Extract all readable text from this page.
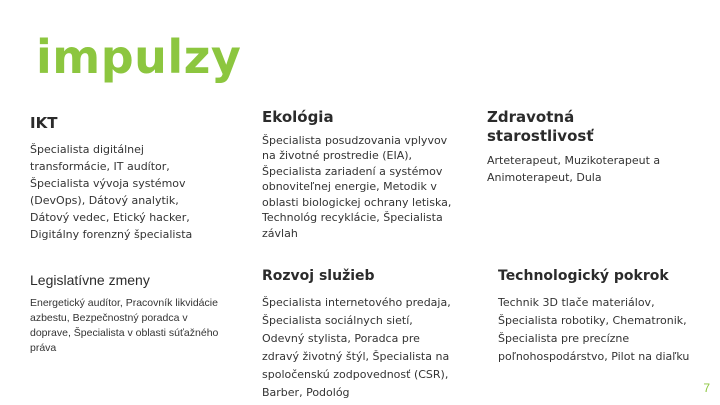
impulzy
IKT
Špecialista digitálnej transformácie, IT audítor, Špecialista vývoja systémov (DevOps), Dátový analytik, Dátový vedec, Etický hacker, Digitálny forenzný špecialista
Ekológia
Špecialista posudzovania vplyvov na životné prostredie (EIA), Špecialista zariadení a systémov obnoviteľnej energie, Metodik v oblasti biologickej ochrany letiska, Technológ recyklácie, Špecialista závlah
Zdravotná starostlivosť
Arteterapeut, Muzikoterapeut a Animoterapeut, Dula
Legislatívne zmeny
Energetický audítor, Pracovník likvidácie azbestu, Bezpečnostný poradca v doprave, Špecialista v oblasti súťažného práva
Rozvoj služieb
Špecialista internetového predaja, Špecialista sociálnych sietí, Odevný stylista, Poradca pre zdravý životný štýl, Špecialista na spoločenskú zodpovednosť (CSR), Barber, Podológ
Technologický pokrok
Technik 3D tlače materiálov, Špecialista robotiky, Chematronik, Špecialista pre precízne poľnohospodárstvo, Pilot na diaľku
7
